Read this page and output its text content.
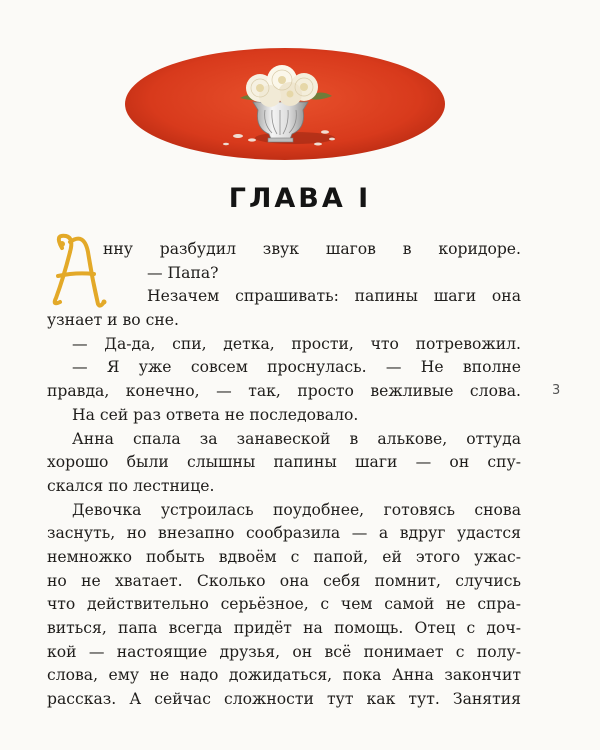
ГЛАВА I
нну разбудил звук шагов в коридоре.
— Папа?
Незачем спрашивать: папины шаги она
узнает и во сне.
— Да-да, спи, детка, прости, что потревожил.
— Я уже совсем проснулась. — Не вполне
правда, конечно, — так, просто вежливые слова.
На сей раз ответа не последовало.
Анна спала за занавеской в алькове, оттуда
хорошо были слышны папины шаги — он спу-
скался по лестнице.
Девочка устроилась поудобнее, готовясь снова
заснуть, но внезапно сообразила — а вдруг удастся
немножко побыть вдвоём с папой, ей этого ужас-
но не хватает. Сколько она себя помнит, случись
что действительно серьёзное, с чем самой не спра-
виться, папа всегда придёт на помощь. Отец с доч-
кой — настоящие друзья, он всё понимает с полу-
слова, ему не надо дожидаться, пока Анна закончит
рассказ. А сейчас сложности тут как тут. Занятия
3
